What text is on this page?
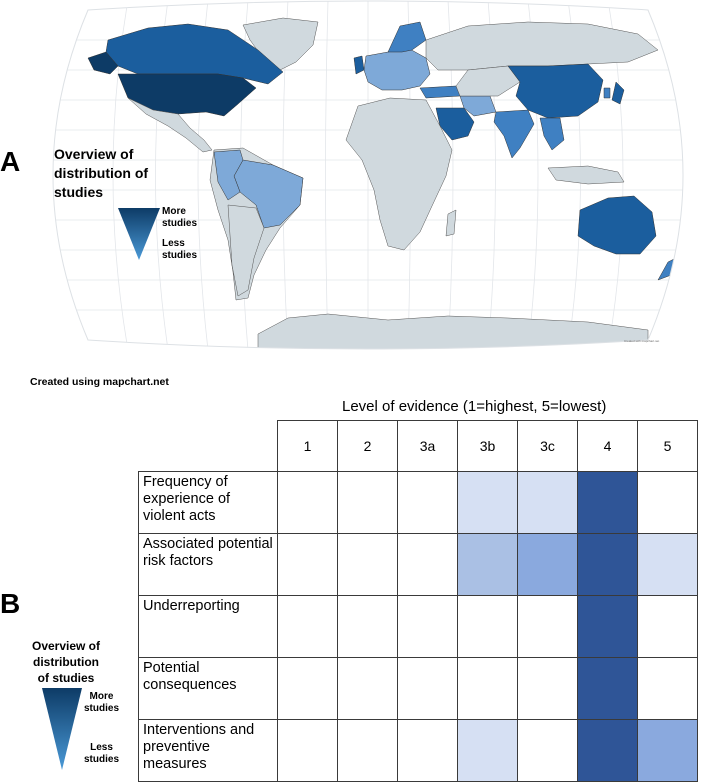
A Overview of
distribution of
studies
More
studies
Less
studies
Created with mapchart.net
Created using mapchart.net
Level of evidence (1=highest, 5=lowest)
	1	2	3a	3b	3c	4	5
Frequency of experience of violent acts							
Associated potential risk factors							
Underreporting							
Potential consequences							
Interventions and preventive measures							
B
Overview of
distribution
of studies
More
studies
Less
studies
